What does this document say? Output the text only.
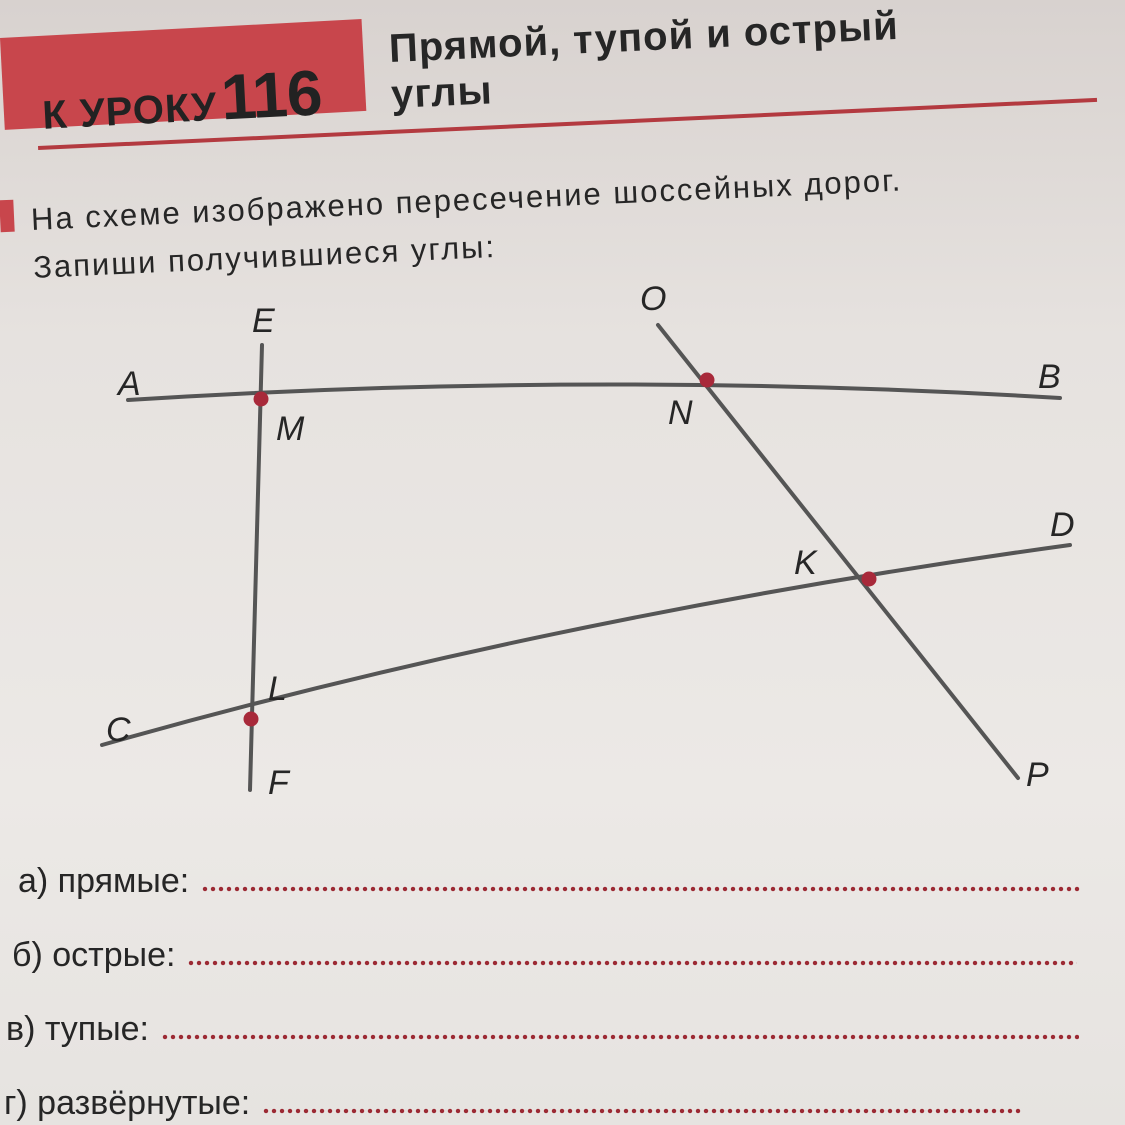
К УРОКУ 116
Прямой, тупой и острый
углы
На схеме изображено пересечение шоссейных дорог.
Запиши получившиеся углы:
A	B
E
M
O
N
D
K
L
C
F	P
а) прямые:
б) острые:
в) тупые:
г) развёрнутые:
